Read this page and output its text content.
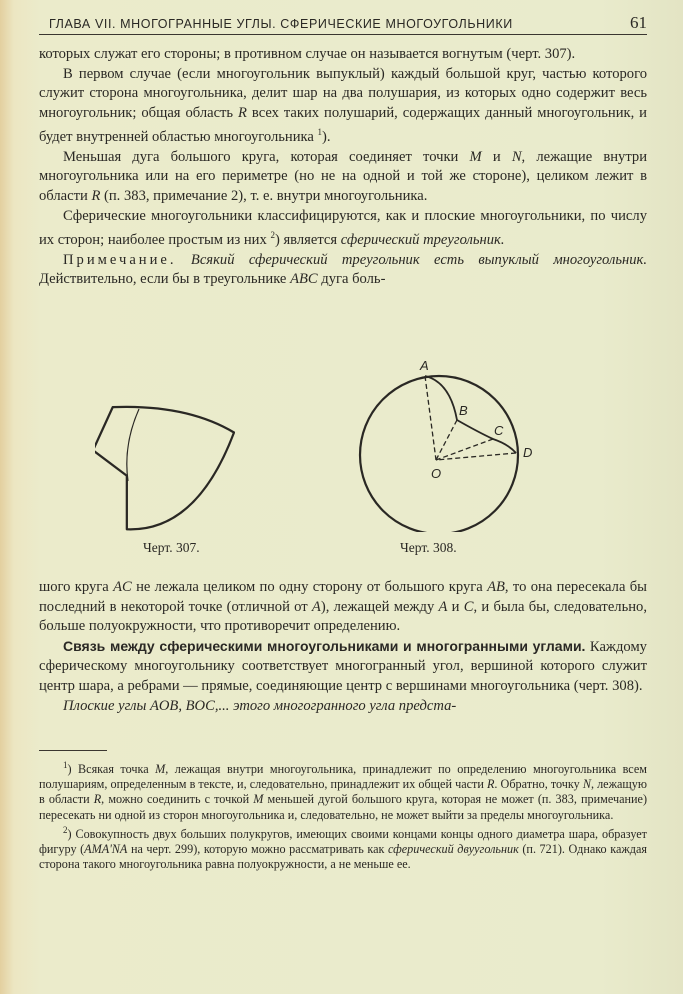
ГЛАВА VII. МНОГОГРАННЫЕ УГЛЫ. СФЕРИЧЕСКИЕ МНОГОУГОЛЬНИКИ	61

которых служат его стороны; в противном случае он называется вогнутым (черт. 307).

В первом случае (если многоугольник выпуклый) каждый большой круг, частью которого служит сторона многоугольника, делит шар на два полушария, из которых одно содержит весь многоугольник; общая область R всех таких полушарий, содержащих данный многоугольник, и будет внутренней областью многоугольника $^1$).

Меньшая дуга большого круга, которая соединяет точки M и N, лежащие внутри многоугольника или на его периметре (но не на одной и той же стороне), целиком лежит в области R (п. 383, примечание 2), т. е. внутри многоугольника.

Сферические многоугольники классифицируются, как и плоские многоугольники, по числу их сторон; наиболее простым из них $^2$) является сферический треугольник.

Примечание. Всякий сферический треугольник есть выпуклый многоугольник. Действительно, если бы в треугольнике ABC дуга боль-

Черт. 307.
A
B
C
D
O
Черт. 308.

шого круга AC не лежала целиком по одну сторону от большого круга AB, то она пересекала бы последний в некоторой точке (отличной от A), лежащей между A и C, и была бы, следовательно, больше полуокружности, что противоречит определению.

Связь между сферическими многоугольниками и многогранными углами. Каждому сферическому многоугольнику соответствует многогранный угол, вершиной которого служит центр шара, а ребрами — прямые, соединяющие центр с вершинами многоугольника (черт. 308).

Плоские углы AOB, BOC,... этого многогранного угла предста-

$^1$) Всякая точка M, лежащая внутри многоугольника, принадлежит по определению многоугольника всем полушариям, определенным в тексте, и, следовательно, принадлежит их общей части R. Обратно, точку N, лежащую в области R, можно соединить с точкой M меньшей дугой большого круга, которая не может (п. 383, примечание) пересекать ни одной из сторон многоугольника и, следовательно, не может выйти за пределы многоугольника.

$^2$) Совокупность двух больших полукругов, имеющих своими концами концы одного диаметра шара, образует фигуру (AMA'NA на черт. 299), которую можно рассматривать как сферический двуугольник (п. 721). Однако каждая сторона такого многоугольника равна полуокружности, а не меньше ее.
